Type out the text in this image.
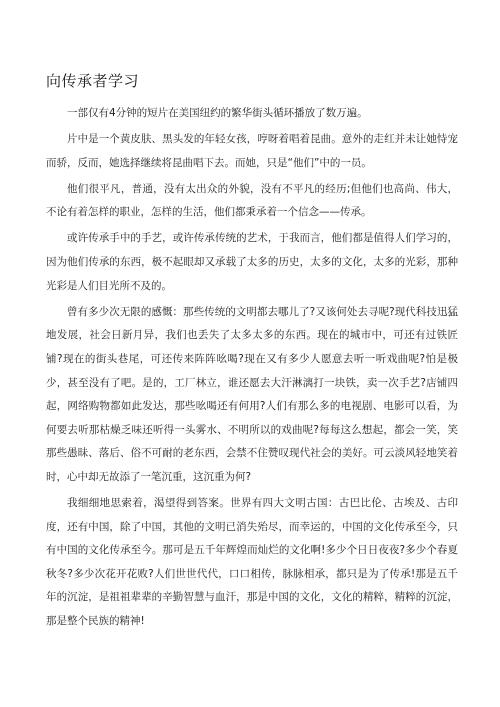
向传承者学习

一部仅有4分钟的短片在美国纽约的繁华街头循环播放了数万遍。

片中是一个黄皮肤、黑头发的年轻女孩，哼呀着唱着昆曲。意外的走红并未让她恃宠而骄，反而，她选择继续将昆曲唱下去。而她，只是“他们”中的一员。

他们很平凡，普通，没有太出众的外貌，没有不平凡的经历;但他们也高尚、伟大，不论有着怎样的职业，怎样的生活，他们都秉承着一个信念——传承。

或许传承手中的手艺，或许传承传统的艺术，于我而言，他们都是值得人们学习的，因为他们传承的东西，极不起眼却又承载了太多的历史，太多的文化，太多的光彩，那种光彩是人们目光所不及的。

曾有多少次无限的感慨：那些传统的文明都去哪儿了?又该何处去寻呢?现代科技迅猛地发展，社会日新月异，我们也丢失了太多太多的东西。现在的城市中，可还有过铁匠铺?现在的街头巷尾，可还传来阵阵吆喝?现在又有多少人愿意去听一听戏曲呢?怕是极少，甚至没有了吧。是的，工厂林立，谁还愿去大汗淋漓打一块铁，卖一次手艺?店铺四起，网络购物都如此发达，那些吆喝还有何用?人们有那么多的电视剧、电影可以看，为何要去听那枯燥乏味还听得一头雾水、不明所以的戏曲呢?每每这么想起，都会一笑，笑那些愚昧、落后、俗不可耐的老东西，会禁不住赞叹现代社会的美好。可云淡风轻地笑着时，心中却无故添了一笔沉重，这沉重为何?

我细细地思索着，渴望得到答案。世界有四大文明古国：古巴比伦、古埃及、古印度，还有中国，除了中国，其他的文明已消失殆尽，而幸运的，中国的文化传承至今，只有中国的文化传承至今。那可是五千年辉煌而灿烂的文化啊!多少个日日夜夜?多少个春夏秋冬?多少次花开花败?人们世世代代，口口相传，脉脉相承，都只是为了传承!那是五千年的沉淀，是祖祖辈辈的辛勤智慧与血汗，那是中国的文化，文化的精粹，精粹的沉淀，那是整个民族的精神!
